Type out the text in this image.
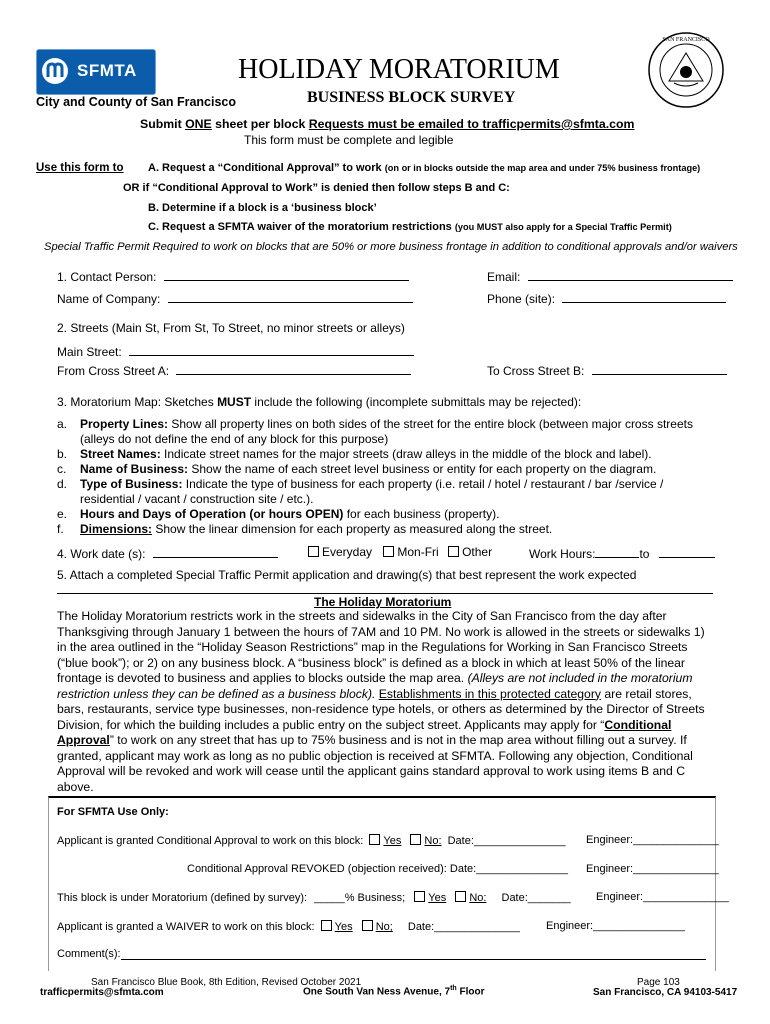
SFMTA
City and County of San Francisco
HOLIDAY MORATORIUM
BUSINESS BLOCK SURVEY
SAN FRANCISCO
Submit ONE sheet per block Requests must be emailed to trafficpermits@sfmta.com
This form must be complete and legible
Use this form to A. Request a “Conditional Approval” to work (on or in blocks outside the map area and under 75% business frontage)
OR if “Conditional Approval to Work” is denied then follow steps B and C:
B. Determine if a block is a ‘business block’
C. Request a SFMTA waiver of the moratorium restrictions (you MUST also apply for a Special Traffic Permit)
Special Traffic Permit Required to work on blocks that are 50% or more business frontage in addition to conditional approvals and/or waivers
1. Contact Person:	Email:
Name of Company:	Phone (site):
2. Streets (Main St, From St, To Street, no minor streets or alleys)
Main Street:
From Cross Street A:	To Cross Street B:
3. Moratorium Map: Sketches MUST include the following (incomplete submittals may be rejected):
a. Property Lines: Show all property lines on both sides of the street for the entire block (between major cross streets (alleys do not define the end of any block for this purpose)
b. Street Names: Indicate street names for the major streets (draw alleys in the middle of the block and label).
c. Name of Business: Show the name of each street level business or entity for each property on the diagram.
d. Type of Business: Indicate the type of business for each property (i.e. retail / hotel / restaurant / bar /service / residential / vacant / construction site / etc.).
e. Hours and Days of Operation (or hours OPEN) for each business (property).
f. Dimensions: Show the linear dimension for each property as measured along the street.
4. Work date (s):	Everyday Mon-Fri Other	Work Hours:	to
5. Attach a completed Special Traffic Permit application and drawing(s) that best represent the work expected
The Holiday Moratorium
The Holiday Moratorium restricts work in the streets and sidewalks in the City of San Francisco from the day after Thanksgiving through January 1 between the hours of 7AM and 10 PM. No work is allowed in the streets or sidewalks 1) in the area outlined in the “Holiday Season Restrictions” map in the Regulations for Working in San Francisco Streets (“blue book”); or 2) on any business block. A “business block” is defined as a block in which at least 50% of the linear frontage is devoted to business and applies to blocks outside the map area. (Alleys are not included in the moratorium restriction unless they can be defined as a business block). Establishments in this protected category are retail stores, bars, restaurants, service type businesses, non-residence type hotels, or others as determined by the Director of Streets Division, for which the building includes a public entry on the subject street. Applicants may apply for “Conditional Approval” to work on any street that has up to 75% business and is not in the map area without filling out a survey. If granted, applicant may work as long as no public objection is received at SFMTA. Following any objection, Conditional Approval will be revoked and work will cease until the applicant gains standard approval to work using items B and C above.
For SFMTA Use Only:
Applicant is granted Conditional Approval to work on this block: Yes No: Date:_______________ Engineer:______________
Conditional Approval REVOKED (objection received): Date:_______________ Engineer:______________
This block is under Moratorium (defined by survey): _____% Business; Yes No: Date:_______ Engineer:______________
Applicant is granted a WAIVER to work on this block: Yes No; Date:______________ Engineer:_______________
Comment(s):
San Francisco Blue Book, 8th Edition, Revised October 2021
trafficpermits@sfmta.com	One South Van Ness Avenue, 7th Floor
Page 103
San Francisco, CA 94103-5417
